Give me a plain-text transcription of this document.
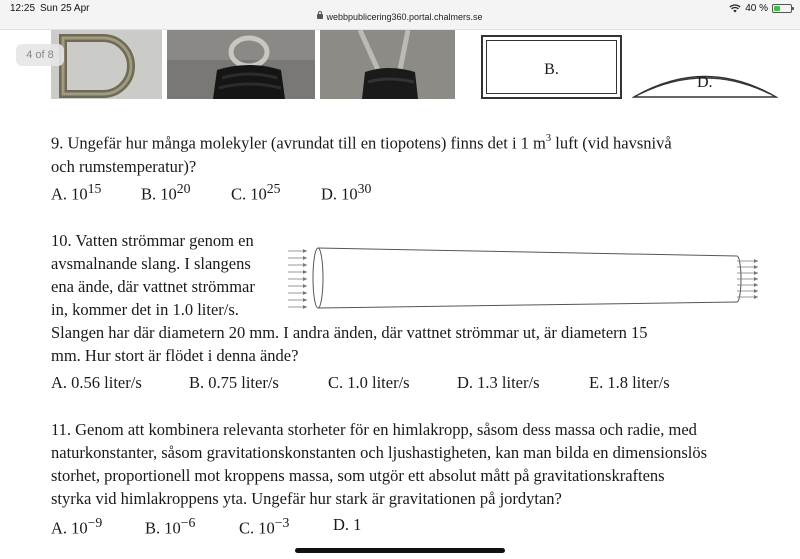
12:25 Sun 25 Apr
webbpublicering360.portal.chalmers.se
40 %
4 of 8
B.
D.
9. Ungefär hur många molekyler (avrundat till en tiopotens) finns det i 1 $m^3$ luft (vid havsnivå
och rumstemperatur)?
A. $10^{15}$ B. $10^{20}$ C. $10^{25}$ D. $10^{30}$
10. Vatten strömmar genom en
avsmalnande slang. I slangens
ena ände, där vattnet strömmar
in, kommer det in 1.0 liter/s.
Slangen har där diametern 20 mm. I andra änden, där vattnet strömmar ut, är diametern 15
mm. Hur stort är flödet i denna ände?
A. 0.56 liter/s	B. 0.75 liter/s	C. 1.0 liter/s	D. 1.3 liter/s	E. 1.8 liter/s
11. Genom att kombinera relevanta storheter för en himlakropp, såsom dess massa och radie, med
naturkonstanter, såsom gravitationskonstanten och ljushastigheten, kan man bilda en dimensionslös
storhet, proportionell mot kroppens massa, som utgör ett absolut mått på gravitationskraftens
styrka vid himlakroppens yta. Ungefär hur stark är gravitationen på jordytan?
A. $10^{-9}$	B. $10^{-6}$	C. $10^{-3}$	D. 1
